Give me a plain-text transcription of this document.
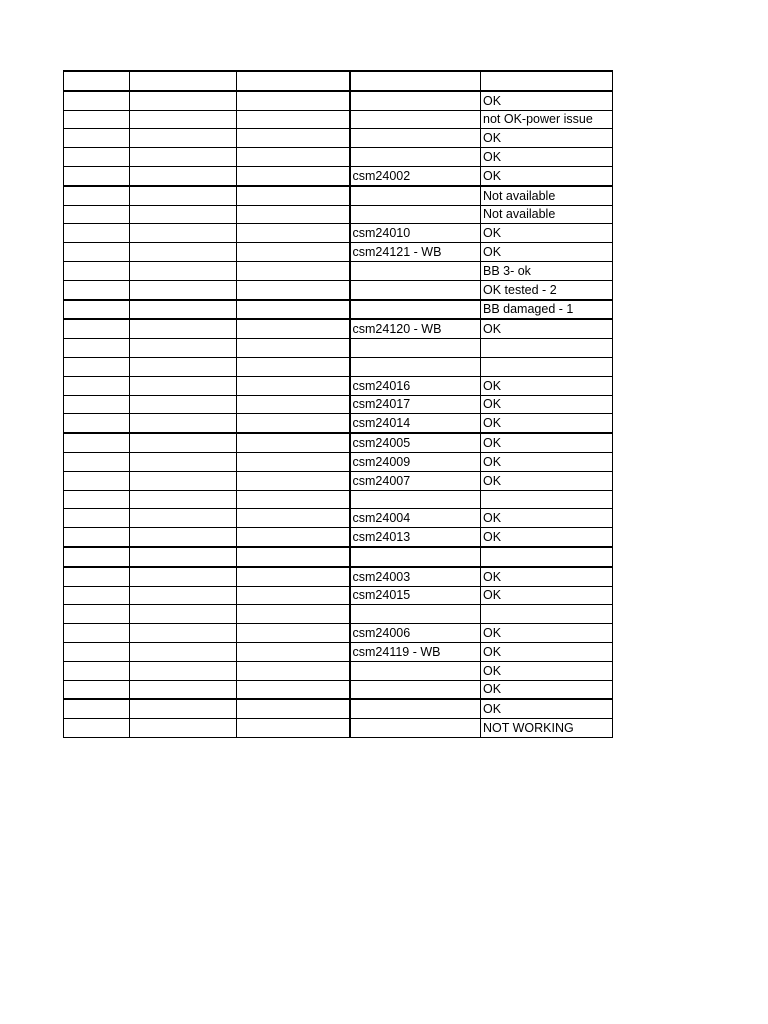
				OK
				not OK-power issue
				OK
				OK
			csm24002	OK
				Not available
				Not available
			csm24010	OK
			csm24121 - WB	OK
				BB 3- ok
				OK tested - 2
				BB damaged - 1
			csm24120 - WB	OK

			csm24016	OK
			csm24017	OK
			csm24014	OK
			csm24005	OK
			csm24009	OK
			csm24007	OK

			csm24004	OK
			csm24013	OK

			csm24003	OK
			csm24015	OK

			csm24006	OK
			csm24119 - WB	OK
				OK
				OK
				OK
				NOT WORKING
